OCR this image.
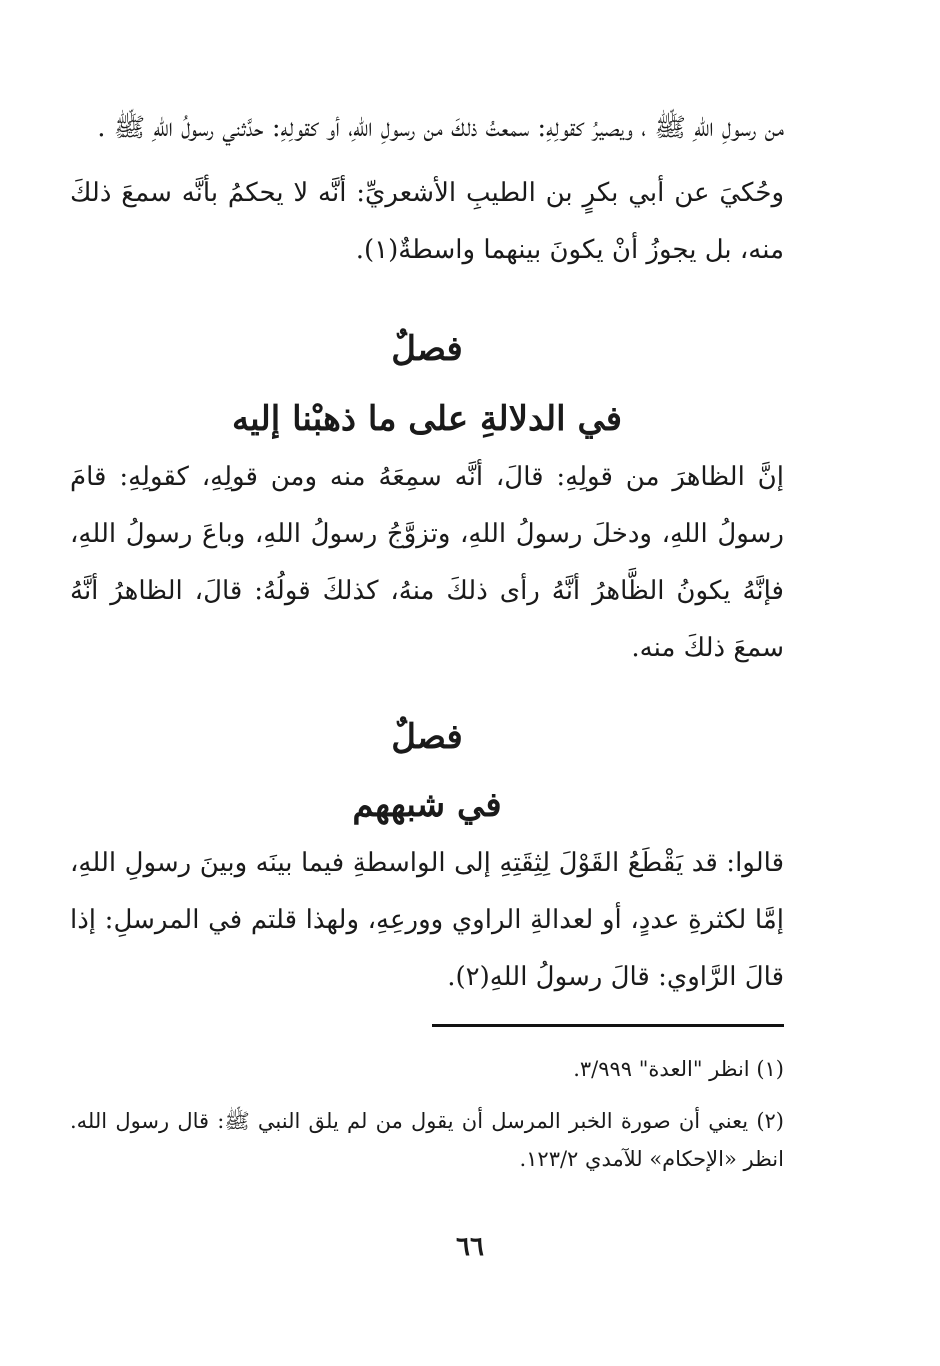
من رسولِ اللهِ ﷺ ، ويصيرُ كقولِهِ: سمعتُ ذلكَ من رسولِ اللهِ، أو كقولِهِ: حدَّثني رسولُ اللهِ ﷺ .

وحُكيَ عن أبي بكرٍ بن الطيبِ الأشعريِّ: أنَّه لا يحكمُ بأنَّه سمعَ ذلكَ منه، بل يجوزُ أنْ يكونَ بينهما واسطةٌ(١).

فصلٌ

في الدلالةِ على ما ذهبْنا إليه

إنَّ الظاهرَ من قولِهِ: قالَ، أنَّه سمِعَهُ منه ومن قولِهِ، كقولِهِ: قامَ رسولُ اللهِ، ودخلَ رسولُ اللهِ، وتزوَّجُ رسولُ اللهِ، وباعَ رسولُ اللهِ، فإنَّهُ يكونُ الظَّاهرُ أنَّهُ رأى ذلكَ منهُ، كذلكَ قولُهُ: قالَ، الظاهرُ أنَّهُ سمعَ ذلكَ منه.

فصلٌ

في شبههم

قالوا: قد يَقْطَعُ القَوْلَ لِثِقَتِهِ إلى الواسطةِ فيما بينَه وبينَ رسولِ اللهِ، إمَّا لكثرةِ عددٍ، أو لعدالةِ الراوي وورعِهِ، ولهذا قلتم في المرسلِ: إذا قالَ الرَّاوي: قالَ رسولُ اللهِ(٢).

(١) انظر "العدة" ٣/٩٩٩.

(٢) يعني أن صورة الخبر المرسل أن يقول من لم يلق النبي ﷺ: قال رسول الله. انظر «الإحكام» للآمدي ١٢٣/٢.

٦٦
